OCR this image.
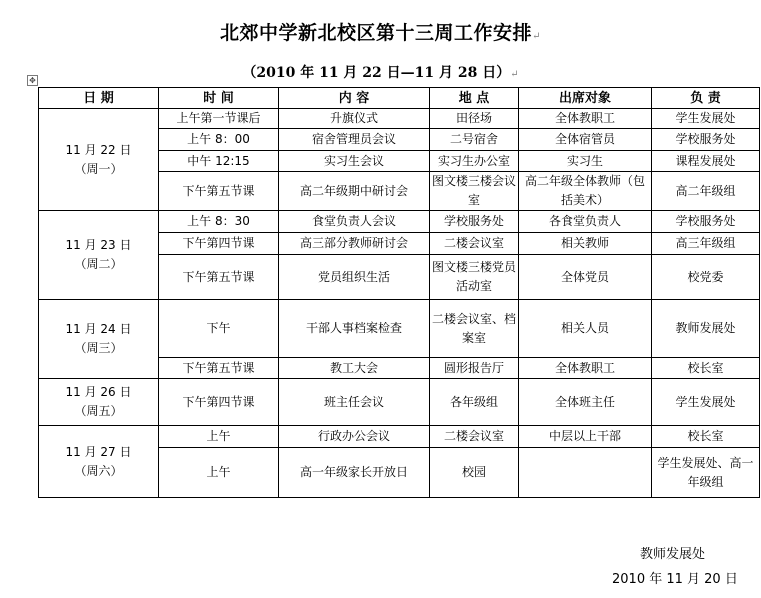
北郊中学新北校区第十三周工作安排↵
（2010 年 11 月 22 日—11 月 28 日）↵
✥
日 期	时 间	内 容	地 点	出席对象	负 责

11 月 22 日
（周一）	上午第一节课后	升旗仪式	田径场	全体教职工	学生发展处
	上午 8：00	宿舍管理员会议	二号宿舍	全体宿管员	学校服务处
	中午 12:15	实习生会议	实习生办公室	实习生	课程发展处
	下午第五节课	高二年级期中研讨会	图文楼三楼会议室	高二年级全体教师（包括美术）	高二年级组

11 月 23 日
（周二）	上午 8：30	食堂负责人会议	学校服务处	各食堂负责人	学校服务处
	下午第四节课	高三部分教师研讨会	二楼会议室	相关教师	高三年级组
	下午第五节课	党员组织生活	图文楼三楼党员活动室	全体党员	校党委

11 月 24 日
（周三）	下午	干部人事档案检查	二楼会议室、档案室	相关人员	教师发展处
	下午第五节课	教工大会	圆形报告厅	全体教职工	校长室

11 月 26 日
（周五）	下午第四节课	班主任会议	各年级组	全体班主任	学生发展处

11 月 27 日
（周六）	上午	行政办公会议	二楼会议室	中层以上干部	校长室
	上午	高一年级家长开放日	校园		学生发展处、高一年级组
教师发展处
2010 年 11 月 20 日
